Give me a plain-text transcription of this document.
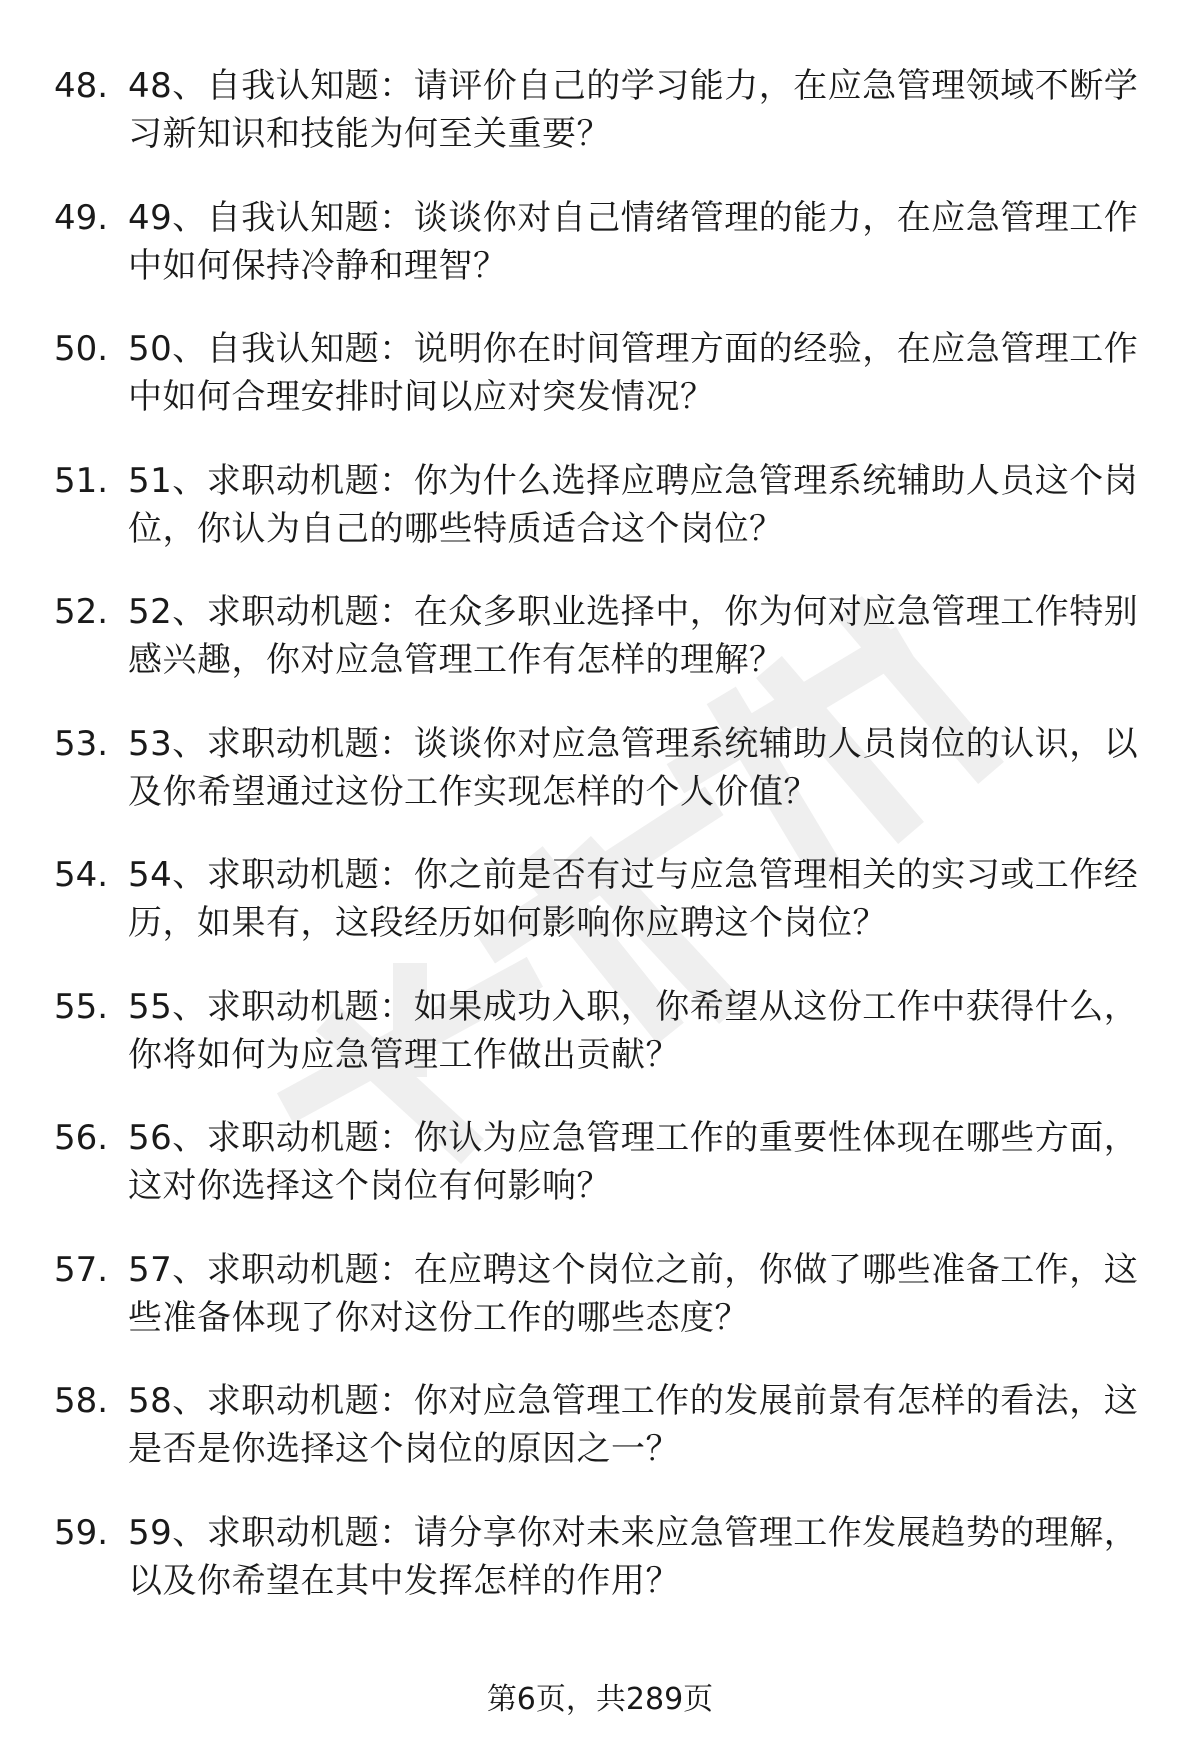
48. 48、自我认知题：请评价自己的学习能力，在应急管理领域不断学习新知识和技能为何至关重要？
49. 49、自我认知题：谈谈你对自己情绪管理的能力，在应急管理工作中如何保持冷静和理智？
50. 50、自我认知题：说明你在时间管理方面的经验，在应急管理工作中如何合理安排时间以应对突发情况？
51. 51、求职动机题：你为什么选择应聘应急管理系统辅助人员这个岗位，你认为自己的哪些特质适合这个岗位？
52. 52、求职动机题：在众多职业选择中，你为何对应急管理工作特别感兴趣，你对应急管理工作有怎样的理解？
53. 53、求职动机题：谈谈你对应急管理系统辅助人员岗位的认识，以及你希望通过这份工作实现怎样的个人价值？
54. 54、求职动机题：你之前是否有过与应急管理相关的实习或工作经历，如果有，这段经历如何影响你应聘这个岗位？
55. 55、求职动机题：如果成功入职，你希望从这份工作中获得什么，你将如何为应急管理工作做出贡献？
56. 56、求职动机题：你认为应急管理工作的重要性体现在哪些方面，这对你选择这个岗位有何影响？
57. 57、求职动机题：在应聘这个岗位之前，你做了哪些准备工作，这些准备体现了你对这份工作的哪些态度？
58. 58、求职动机题：你对应急管理工作的发展前景有怎样的看法，这是否是你选择这个岗位的原因之一？
59. 59、求职动机题：请分享你对未来应急管理工作发展趋势的理解，以及你希望在其中发挥怎样的作用？
第6页，共289页
